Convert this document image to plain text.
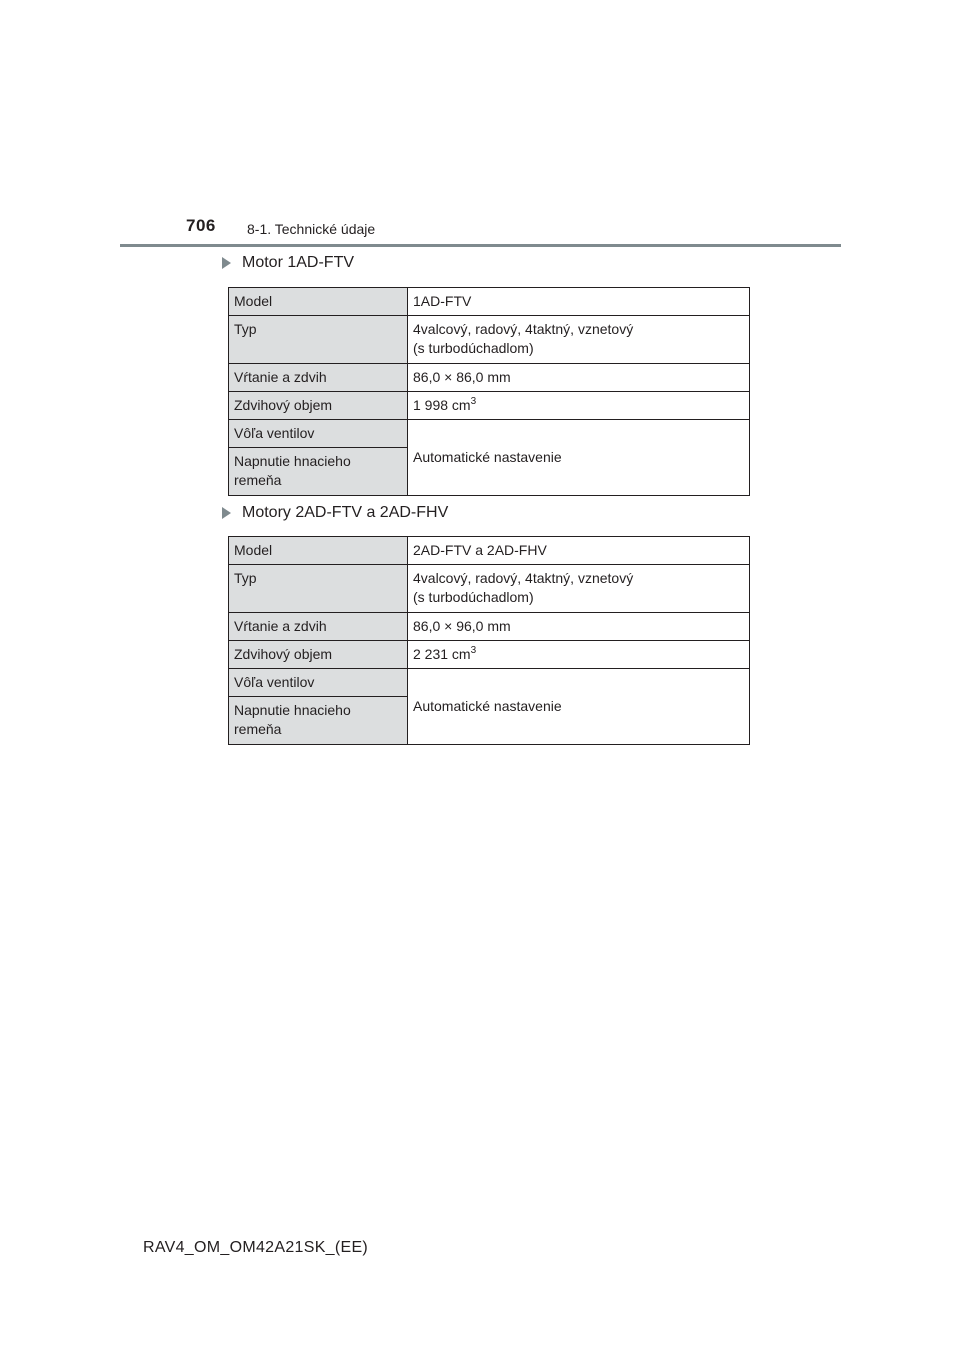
706 8-1. Technické údaje
Motor 1AD-FTV
Model	1AD-FTV
Typ	4valcový, radový, 4taktný, vznetový
(s turbodúchadlom)
Vŕtanie a zdvih	86,0 × 86,0 mm
Zdvihový objem	1 998 $cm^3$
Vôľa ventilov	Automatické nastavenie
Napnutie hnacieho
remeňa	
Motory 2AD-FTV a 2AD-FHV
Model	2AD-FTV a 2AD-FHV
Typ	4valcový, radový, 4taktný, vznetový
(s turbodúchadlom)
Vŕtanie a zdvih	86,0 × 96,0 mm
Zdvihový objem	2 231 $cm^3$
Vôľa ventilov	Automatické nastavenie
Napnutie hnacieho
remeňa	
RAV4_OM_OM42A21SK_(EE)
